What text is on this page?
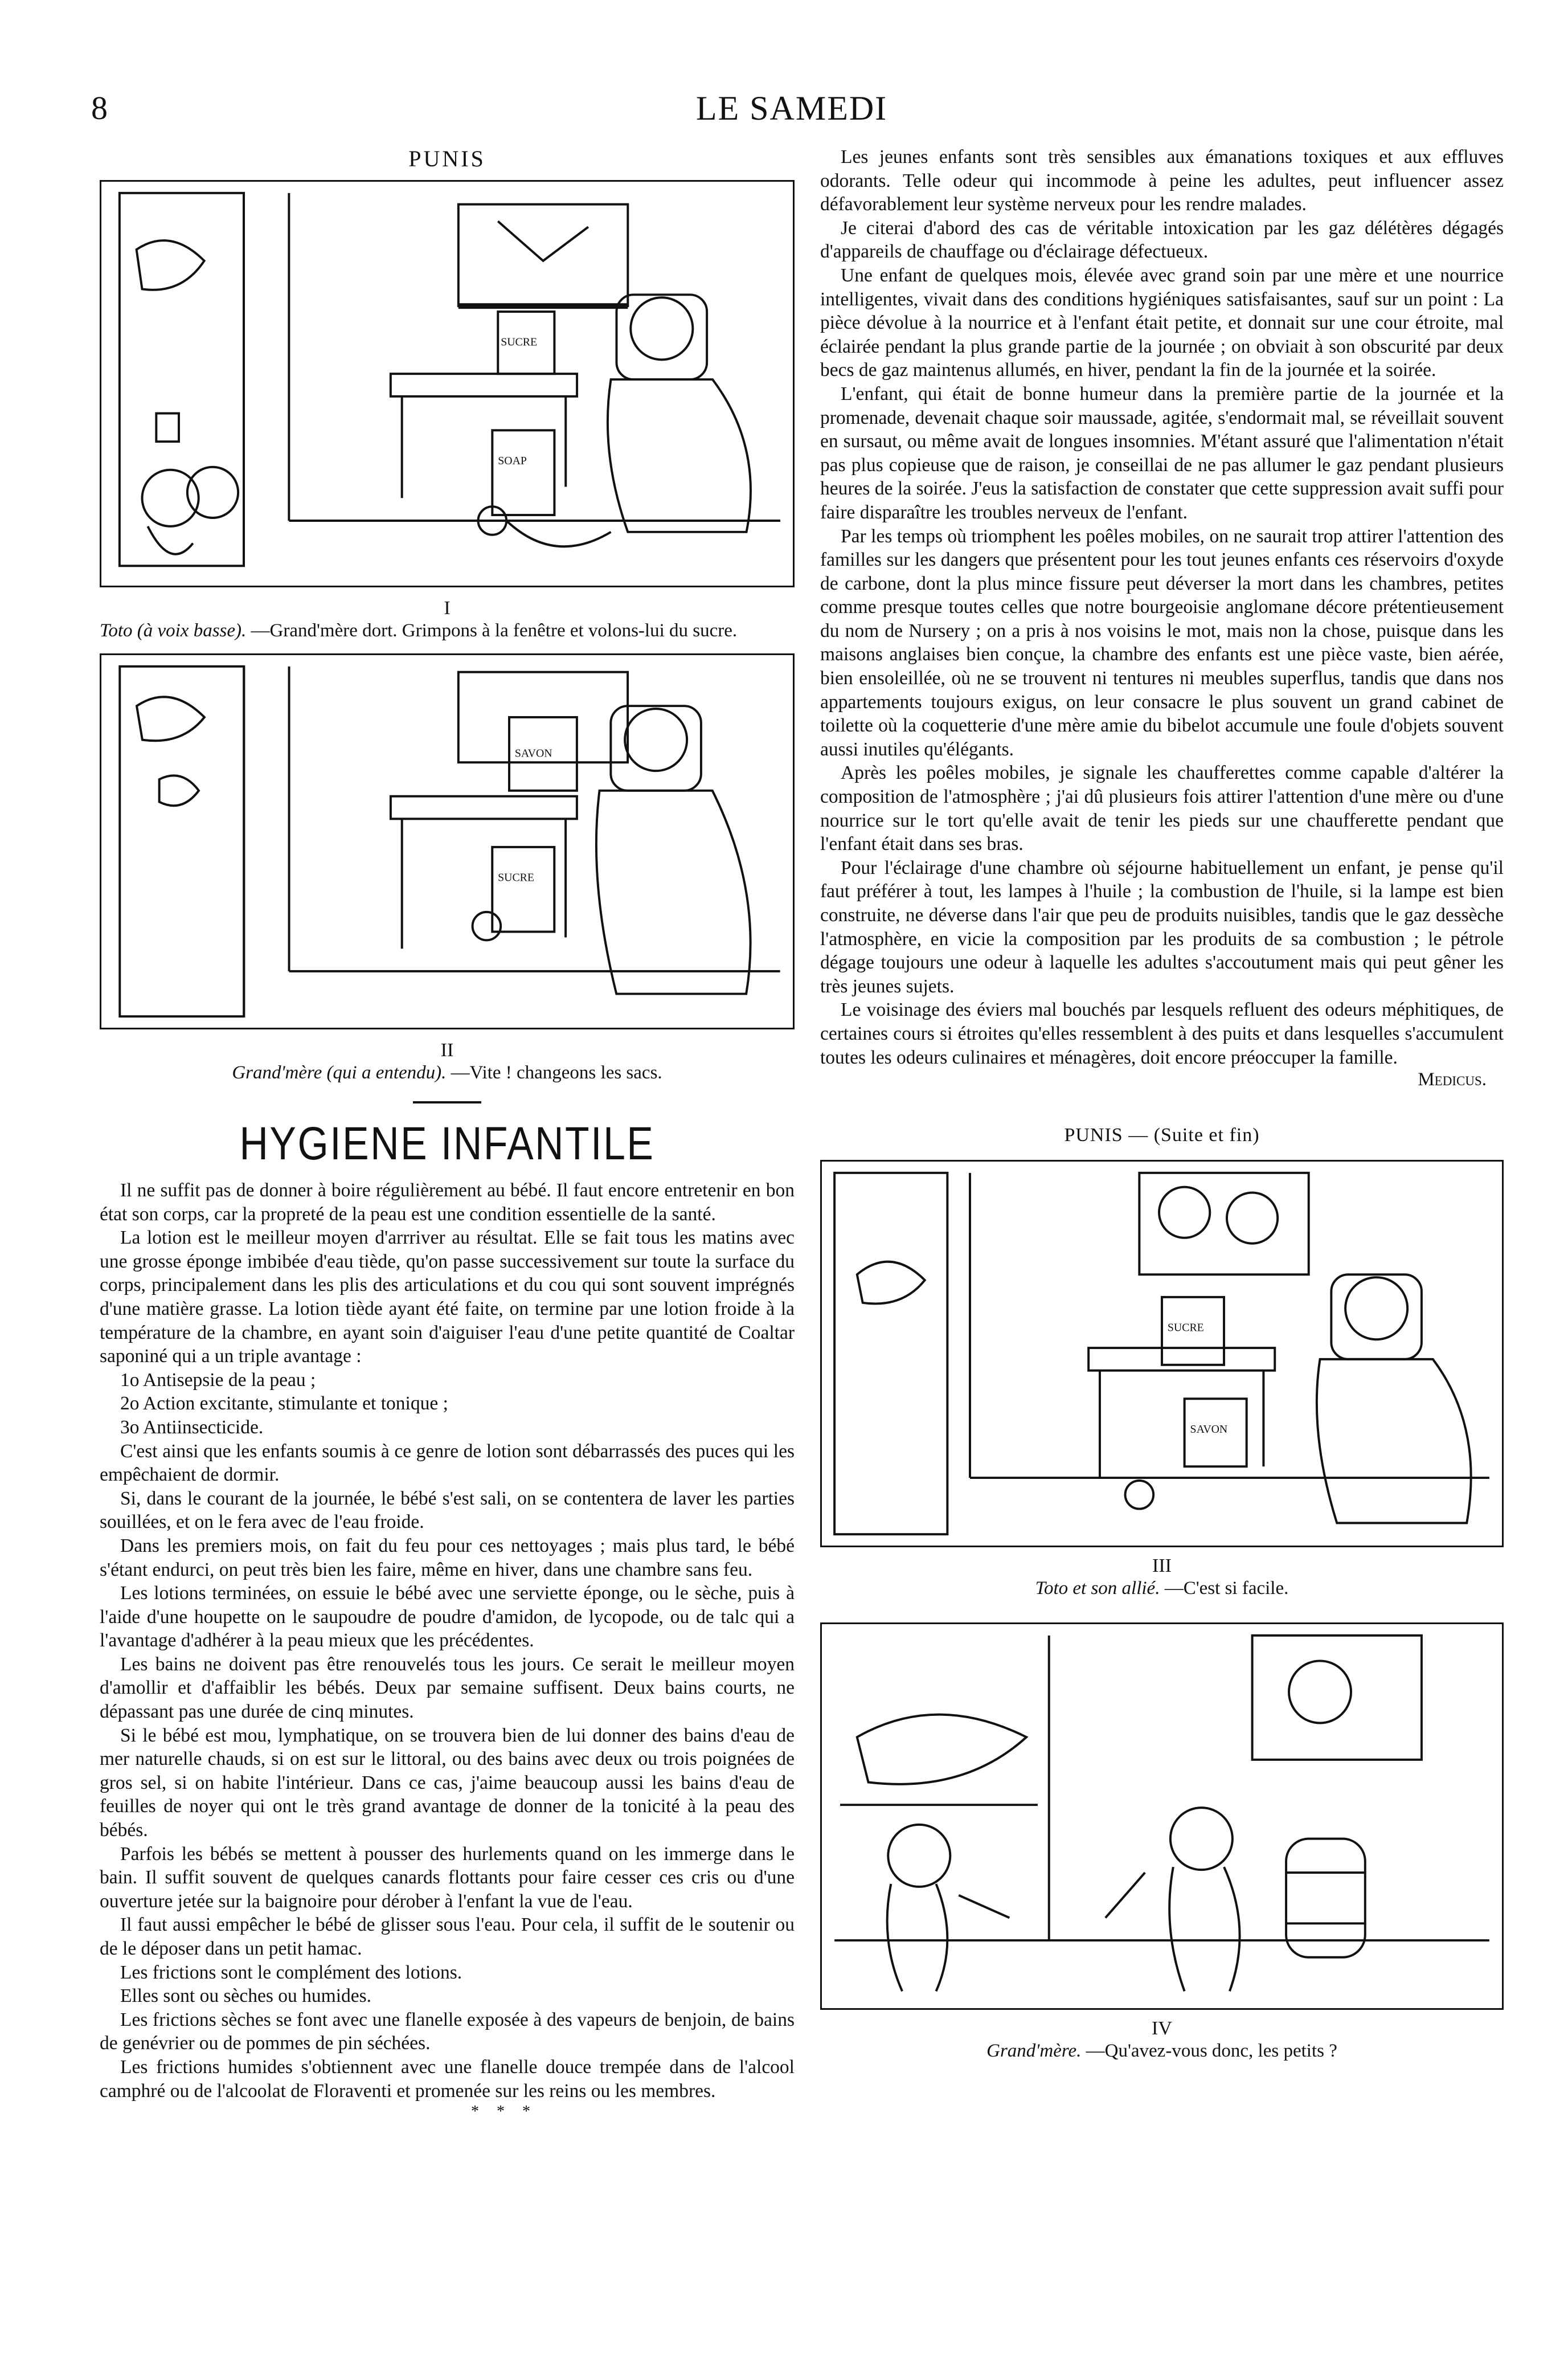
8	LE SAMEDI
PUNIS
SUCRE
SOAP
I
Toto (à voix basse). —Grand'mère dort. Grimpons à la fenêtre et volons-lui du sucre.
SAVON
SUCRE
II
Grand'mère (qui a entendu). —Vite ! changeons les sacs.
HYGIENE INFANTILE

Il ne suffit pas de donner à boire régulièrement au bébé. Il faut encore entretenir en bon état son corps, car la propreté de la peau est une condition essentielle de la santé.

La lotion est le meilleur moyen d'arrriver au résultat. Elle se fait tous les matins avec une grosse éponge imbibée d'eau tiède, qu'on passe successivement sur toute la surface du corps, principalement dans les plis des articulations et du cou qui sont souvent imprégnés d'une matière grasse. La lotion tiède ayant été faite, on termine par une lotion froide à la température de la chambre, en ayant soin d'aiguiser l'eau d'une petite quantité de Coaltar saponiné qui a un triple avantage :

1o Antisepsie de la peau ;

2o Action excitante, stimulante et tonique ;

3o Antiinsecticide.

C'est ainsi que les enfants soumis à ce genre de lotion sont débarrassés des puces qui les empêchaient de dormir.

Si, dans le courant de la journée, le bébé s'est sali, on se contentera de laver les parties souillées, et on le fera avec de l'eau froide.

Dans les premiers mois, on fait du feu pour ces nettoyages ; mais plus tard, le bébé s'étant endurci, on peut très bien les faire, même en hiver, dans une chambre sans feu.

Les lotions terminées, on essuie le bébé avec une serviette éponge, ou le sèche, puis à l'aide d'une houpette on le saupoudre de poudre d'amidon, de lycopode, ou de talc qui a l'avantage d'adhérer à la peau mieux que les précédentes.

Les bains ne doivent pas être renouvelés tous les jours. Ce serait le meilleur moyen d'amollir et d'affaiblir les bébés. Deux par semaine suffisent. Deux bains courts, ne dépassant pas une durée de cinq minutes.

Si le bébé est mou, lymphatique, on se trouvera bien de lui donner des bains d'eau de mer naturelle chauds, si on est sur le littoral, ou des bains avec deux ou trois poignées de gros sel, si on habite l'intérieur. Dans ce cas, j'aime beaucoup aussi les bains d'eau de feuilles de noyer qui ont le très grand avantage de donner de la tonicité à la peau des bébés.

Parfois les bébés se mettent à pousser des hurlements quand on les immerge dans le bain. Il suffit souvent de quelques canards flottants pour faire cesser ces cris ou d'une ouverture jetée sur la baignoire pour dérober à l'enfant la vue de l'eau.

Il faut aussi empêcher le bébé de glisser sous l'eau. Pour cela, il suffit de le soutenir ou de le déposer dans un petit hamac.

Les frictions sont le complément des lotions.

Elles sont ou sèches ou humides.

Les frictions sèches se font avec une flanelle exposée à des vapeurs de benjoin, de bains de genévrier ou de pommes de pin séchées.

Les frictions humides s'obtiennent avec une flanelle douce trempée dans de l'alcool camphré ou de l'alcoolat de Floraventi et promenée sur les reins ou les membres.

* * *

Les jeunes enfants sont très sensibles aux émanations toxiques et aux effluves odorants. Telle odeur qui incommode à peine les adultes, peut influencer assez défavorablement leur système nerveux pour les rendre malades.

Je citerai d'abord des cas de véritable intoxication par les gaz délétères dégagés d'appareils de chauffage ou d'éclairage défectueux.

Une enfant de quelques mois, élevée avec grand soin par une mère et une nourrice intelligentes, vivait dans des conditions hygiéniques satisfaisantes, sauf sur un point : La pièce dévolue à la nourrice et à l'enfant était petite, et donnait sur une cour étroite, mal éclairée pendant la plus grande partie de la journée ; on obviait à son obscurité par deux becs de gaz maintenus allumés, en hiver, pendant la fin de la journée et la soirée.

L'enfant, qui était de bonne humeur dans la première partie de la journée et la promenade, devenait chaque soir maussade, agitée, s'endormait mal, se réveillait souvent en sursaut, ou même avait de longues insomnies. M'étant assuré que l'alimentation n'était pas plus copieuse que de raison, je conseillai de ne pas allumer le gaz pendant plusieurs heures de la soirée. J'eus la satisfaction de constater que cette suppression avait suffi pour faire disparaître les troubles nerveux de l'enfant.

Par les temps où triomphent les poêles mobiles, on ne saurait trop attirer l'attention des familles sur les dangers que présentent pour les tout jeunes enfants ces réservoirs d'oxyde de carbone, dont la plus mince fissure peut déverser la mort dans les chambres, petites comme presque toutes celles que notre bourgeoisie anglomane décore prétentieusement du nom de Nursery ; on a pris à nos voisins le mot, mais non la chose, puisque dans les maisons anglaises bien conçue, la chambre des enfants est une pièce vaste, bien aérée, bien ensoleillée, où ne se trouvent ni tentures ni meubles superflus, tandis que dans nos appartements toujours exigus, on leur consacre le plus souvent un grand cabinet de toilette où la coquetterie d'une mère amie du bibelot accumule une foule d'objets souvent aussi inutiles qu'élégants.

Après les poêles mobiles, je signale les chaufferettes comme capable d'altérer la composition de l'atmosphère ; j'ai dû plusieurs fois attirer l'attention d'une mère ou d'une nourrice sur le tort qu'elle avait de tenir les pieds sur une chaufferette pendant que l'enfant était dans ses bras.

Pour l'éclairage d'une chambre où séjourne habituellement un enfant, je pense qu'il faut préférer à tout, les lampes à l'huile ; la combustion de l'huile, si la lampe est bien construite, ne déverse dans l'air que peu de produits nuisibles, tandis que le gaz dessèche l'atmosphère, en vicie la composition par les produits de sa combustion ; le pétrole dégage toujours une odeur à laquelle les adultes s'accoutument mais qui peut gêner les très jeunes sujets.

Le voisinage des éviers mal bouchés par lesquels refluent des odeurs méphitiques, de certaines cours si étroites qu'elles ressemblent à des puits et dans lesquelles s'accumulent toutes les odeurs culinaires et ménagères, doit encore préoccuper la famille.

Medicus.
PUNIS — (Suite et fin)
SUCRE
SAVON
III
Toto et son allié. —C'est si facile.
IV
Grand'mère. —Qu'avez-vous donc, les petits ?
